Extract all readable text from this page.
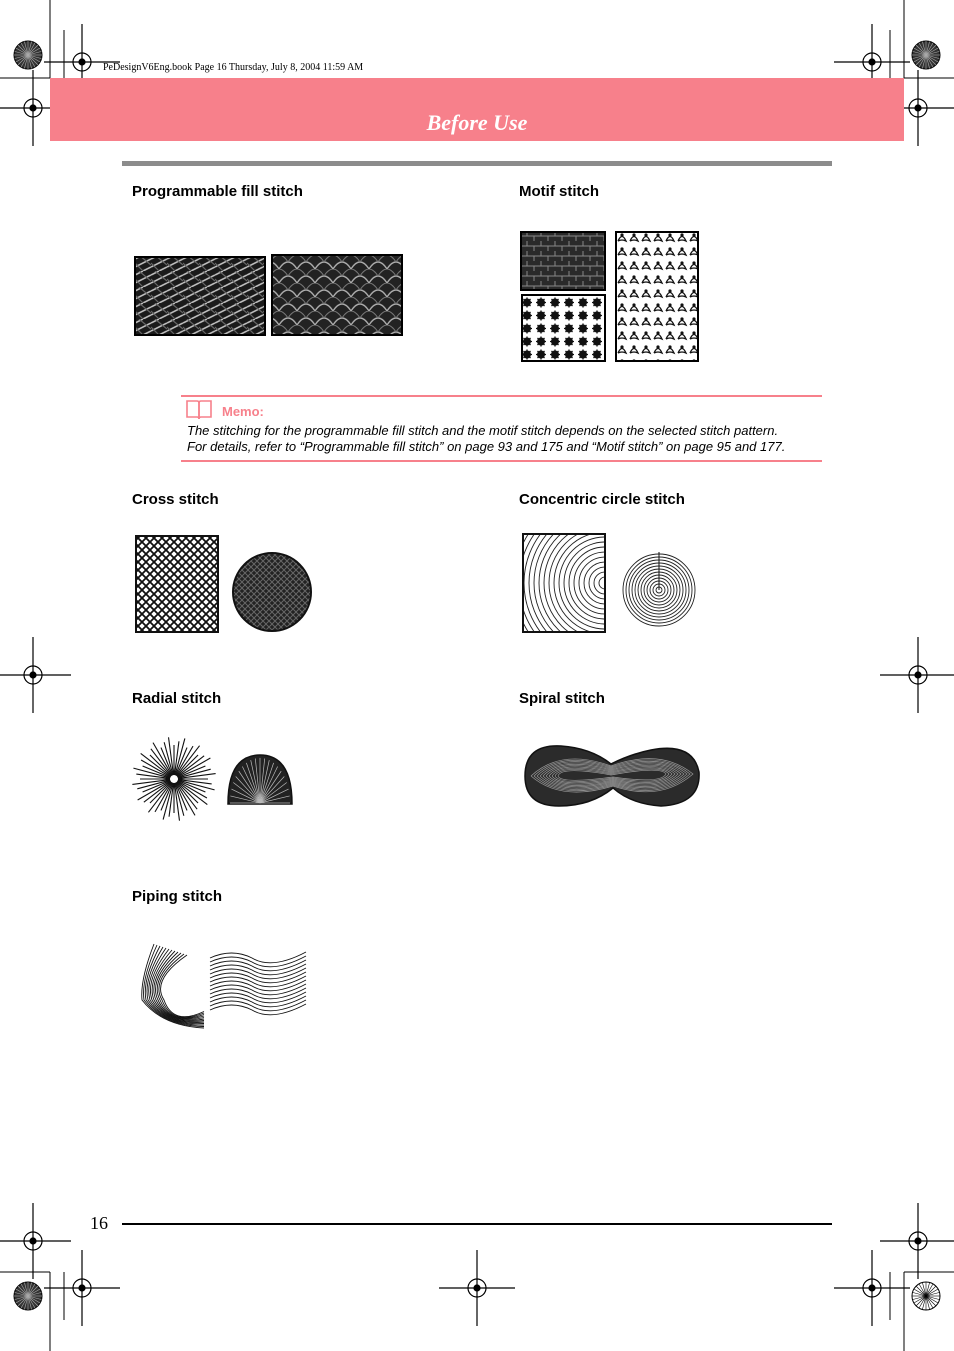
PeDesignV6Eng.book Page 16 Thursday, July 8, 2004 11:59 AM
Before Use
Programmable fill stitch	Motif stitch
Memo:
The stitching for the programmable fill stitch and the motif stitch depends on the selected stitch pattern.
For details, refer to “Programmable fill stitch” on page 93 and 175 and “Motif stitch” on page 95 and 177.
Cross stitch	Concentric circle stitch
Radial stitch	Spiral stitch
Piping stitch
16
